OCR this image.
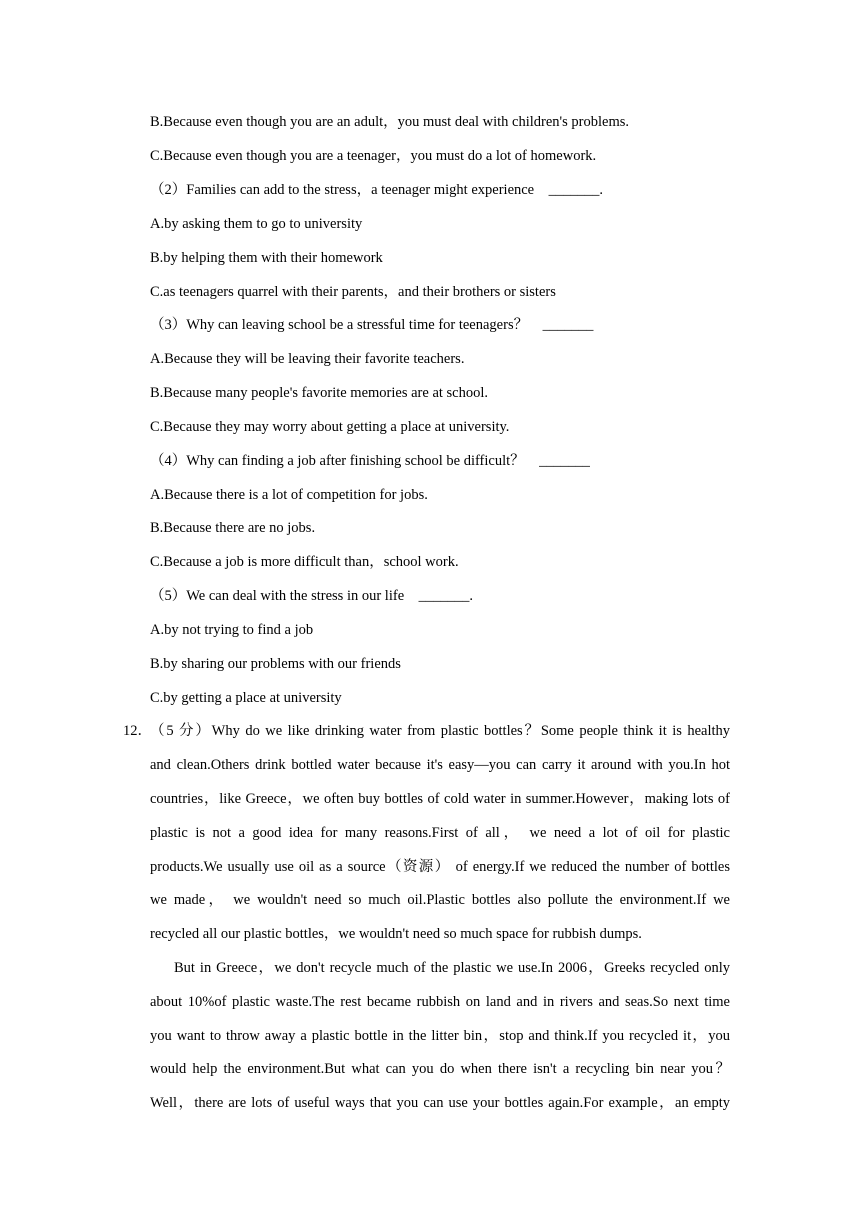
B.Because even though you are an adult，you must deal with children's problems.
C.Because even though you are a teenager，you must do a lot of homework.
（2）Families can add to the stress，a teenager might experience　_______.
A.by asking them to go to university
B.by helping them with their homework
C.as teenagers quarrel with their parents，and their brothers or sisters
（3）Why can leaving school be a stressful time for teenagers？　_______
A.Because they will be leaving their favorite teachers.
B.Because many people's favorite memories are at school.
C.Because they may worry about getting a place at university.
（4）Why can finding a job after finishing school be difficult？　_______
A.Because there is a lot of competition for jobs.
B.Because there are no jobs.
C.Because a job is more difficult than，school work.
（5）We can deal with the stress in our life　_______.
A.by not trying to find a job
B.by sharing our problems with our friends
C.by getting a place at university
12．
（5 分）Why do we like drinking water from plastic bottles？Some people think it is healthy
and clean.Others drink bottled water because it's easy—you can carry it around with you.In hot
countries，like Greece，we often buy bottles of cold water in summer.However，making lots of
plastic is not a good idea for many reasons.First of all， we need a lot of oil for plastic
products.We usually use oil as a source（资源） of energy.If we reduced the number of bottles
we made， we wouldn't need so much oil.Plastic bottles also pollute the environment.If we
recycled all our plastic bottles，we wouldn't need so much space for rubbish dumps.
But in Greece，we don't recycle much of the plastic we use.In 2006，Greeks recycled only
about 10%of plastic waste.The rest became rubbish on land and in rivers and seas.So next time
you want to throw away a plastic bottle in the litter bin，stop and think.If you recycled it，you
would help the environment.But what can you do when there isn't a recycling bin near you？
Well，there are lots of useful ways that you can use your bottles again.For example，an empty
